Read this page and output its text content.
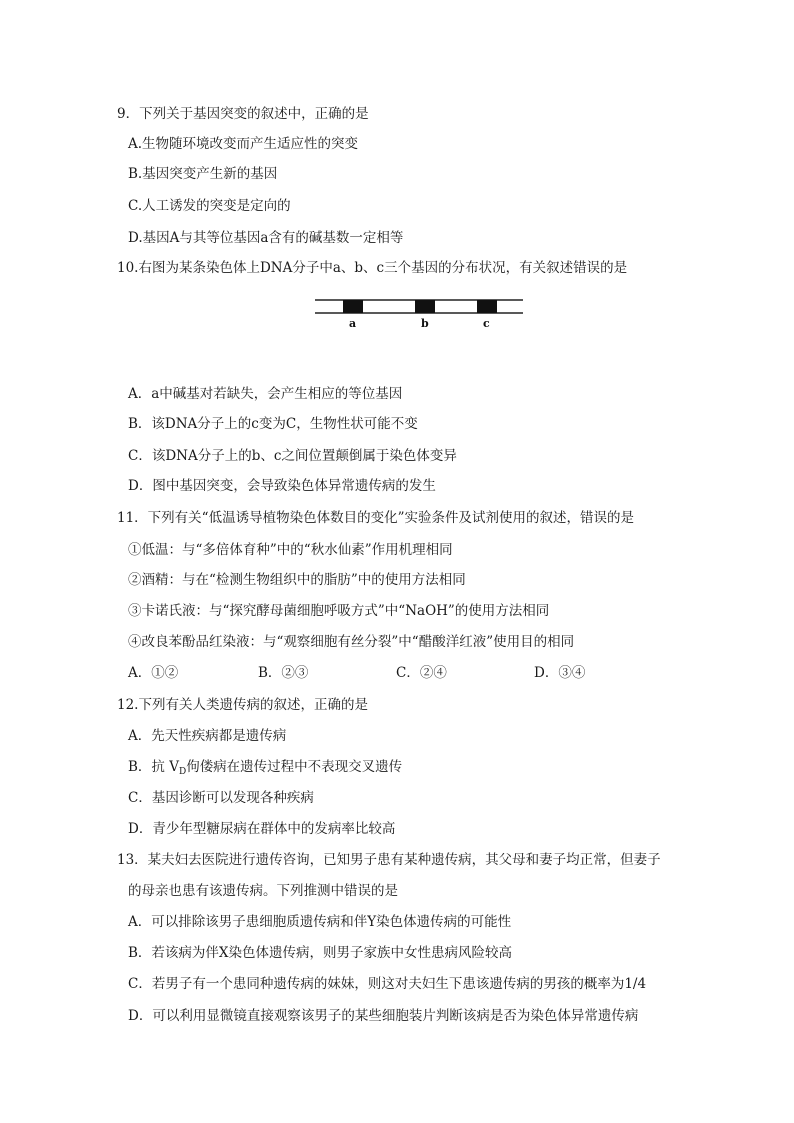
9．下列关于基因突变的叙述中，正确的是
A.生物随环境改变而产生适应性的突变
B.基因突变产生新的基因
C.人工诱发的突变是定向的
D.基因A与其等位基因a含有的碱基数一定相等
10.右图为某条染色体上DNA分子中a、b、c三个基因的分布状况，有关叙述错误的是
a	b	c
A．a中碱基对若缺失，会产生相应的等位基因
B．该DNA分子上的c变为C，生物性状可能不变
C．该DNA分子上的b、c之间位置颠倒属于染色体变异
D．图中基因突变，会导致染色体异常遗传病的发生
11．下列有关“低温诱导植物染色体数目的变化”实验条件及试剂使用的叙述，错误的是
①低温：与“多倍体育种”中的“秋水仙素”作用机理相同
②酒精：与在“检测生物组织中的脂肪”中的使用方法相同
③卡诺氏液：与“探究酵母菌细胞呼吸方式”中“NaOH”的使用方法相同
④改良苯酚品红染液：与“观察细胞有丝分裂”中“醋酸洋红液”使用目的相同
A．①②	B．②③	C．②④	D．③④
12.下列有关人类遗传病的叙述，正确的是
A．先天性疾病都是遗传病
B．抗 $V_D$佝偻病在遗传过程中不表现交叉遗传
C．基因诊断可以发现各种疾病
D．青少年型糖尿病在群体中的发病率比较高
13．某夫妇去医院进行遗传咨询，已知男子患有某种遗传病，其父母和妻子均正常，但妻子
的母亲也患有该遗传病。下列推测中错误的是
A．可以排除该男子患细胞质遗传病和伴Y染色体遗传病的可能性
B．若该病为伴X染色体遗传病，则男子家族中女性患病风险较高
C．若男子有一个患同种遗传病的妹妹，则这对夫妇生下患该遗传病的男孩的概率为1/4
D．可以利用显微镜直接观察该男子的某些细胞装片判断该病是否为染色体异常遗传病
